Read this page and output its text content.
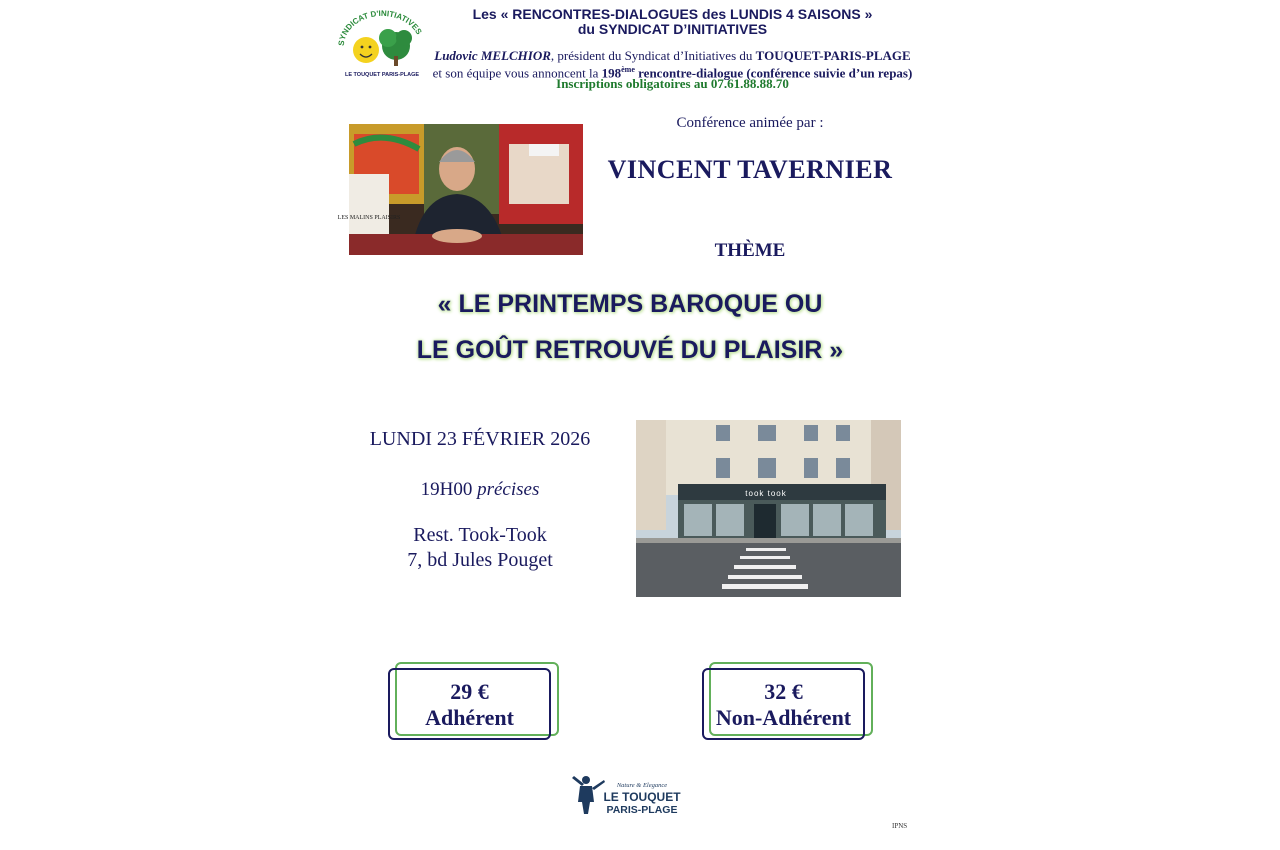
SYNDICAT D'INITIATIVES
LE TOUQUET PARIS-PLAGE
Les « RENCONTRES-DIALOGUES des LUNDIS 4 SAISONS »
du SYNDICAT D’INITIATIVES
Ludovic MELCHIOR, président du Syndicat d’Initiatives du TOUQUET-PARIS-PLAGE
et son équipe vous annoncent la 198ème rencontre-dialogue (conférence suivie d’un repas)
Inscriptions obligatoires au 07.61.88.88.70
LES MALINS PLAISIRS
Conférence animée par :
VINCENT TAVERNIER
THÈME
« LE PRINTEMPS BAROQUE OU
LE GOÛT RETROUVÉ DU PLAISIR »
LUNDI 23 FÉVRIER 2026
19H00 précises
Rest. Took-Took
7, bd Jules Pouget
took took
29 €
Adhérent
32 €
Non-Adhérent
Nature & Elegance
LE TOUQUET
PARIS-PLAGE
IPNS
